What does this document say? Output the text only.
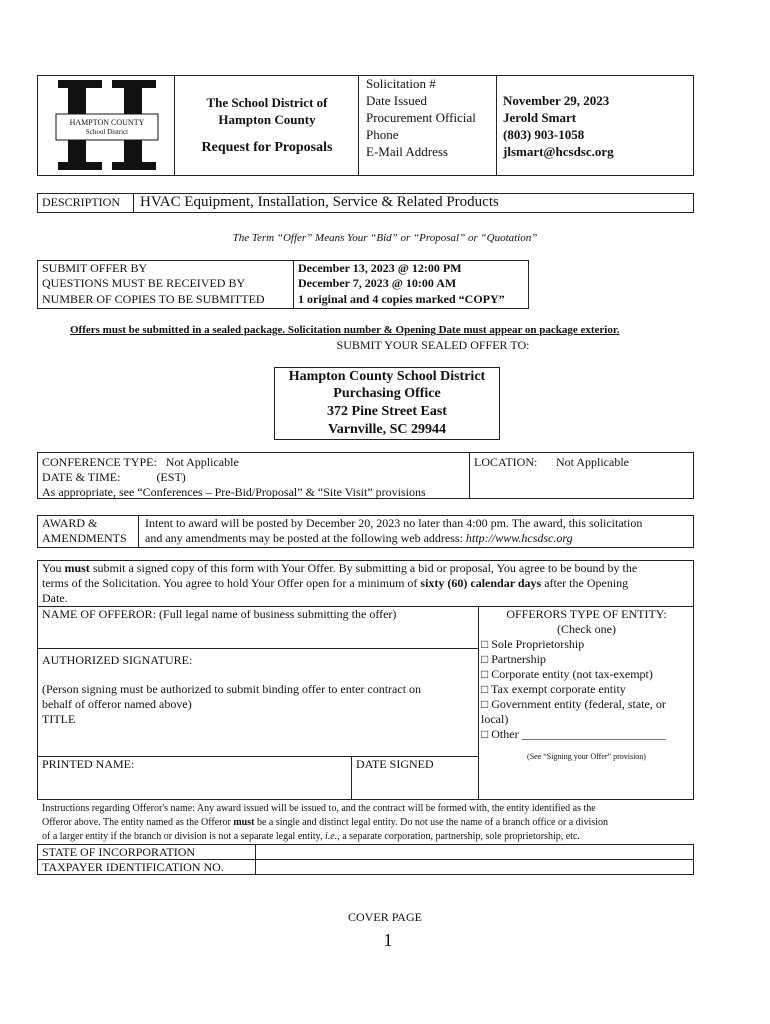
HAMPTON COUNTY
School District
The School District of
Hampton County
Request for Proposals
Solicitation #
Date Issued
Procurement Official
Phone
E-Mail Address
November 29, 2023
Jerold Smart
(803) 903-1058
jlsmart@hcsdsc.org
DESCRIPTION HVAC Equipment, Installation, Service & Related Products
The Term “Offer” Means Your “Bid” or “Proposal” or “Quotation”
SUBMIT OFFER BY
QUESTIONS MUST BE RECEIVED BY
NUMBER OF COPIES TO BE SUBMITTED
December 13, 2023 @ 12:00 PM
December 7, 2023 @ 10:00 AM
1 original and 4 copies marked “COPY”
Offers must be submitted in a sealed package. Solicitation number & Opening Date must appear on package exterior.
SUBMIT YOUR SEALED OFFER TO:
Hampton County School District
Purchasing Office
372 Pine Street East
Varnville, SC 29944
CONFERENCE TYPE:   Not Applicable
DATE & TIME:            (EST)
As appropriate, see “Conferences – Pre-Bid/Proposal” & “Site Visit” provisions
LOCATION: Not Applicable
AWARD &
AMENDMENTS
Intent to award will be posted by December 20, 2023 no later than 4:00 pm. The award, this solicitation
and any amendments may be posted at the following web address: http://www.hcsdsc.org
You must submit a signed copy of this form with Your Offer. By submitting a bid or proposal, You agree to be bound by the
terms of the Solicitation. You agree to hold Your Offer open for a minimum of sixty (60) calendar days after the Opening
Date.
NAME OF OFFEROR: (Full legal name of business submitting the offer)
AUTHORIZED SIGNATURE:
(Person signing must be authorized to submit binding offer to enter contract on
behalf of offeror named above)
TITLE
PRINTED NAME:	DATE SIGNED
OFFERORS TYPE OF ENTITY:
(Check one)
□ Sole Proprietorship
□ Partnership
□ Corporate entity (not tax-exempt)
□ Tax exempt corporate entity
□ Government entity (federal, state, or
local)
□ Other ________________________
(See “Signing your Offer” provision)
Instructions regarding Offeror's name: Any award issued will be issued to, and the contract will be formed with, the entity identified as the
Offeror above. The entity named as the Offeror must be a single and distinct legal entity. Do not use the name of a branch office or a division
of a larger entity if the branch or division is not a separate legal entity, i.e., a separate corporation, partnership, sole proprietorship, etc.
STATE OF INCORPORATION
TAXPAYER IDENTIFICATION NO.
COVER PAGE
1
